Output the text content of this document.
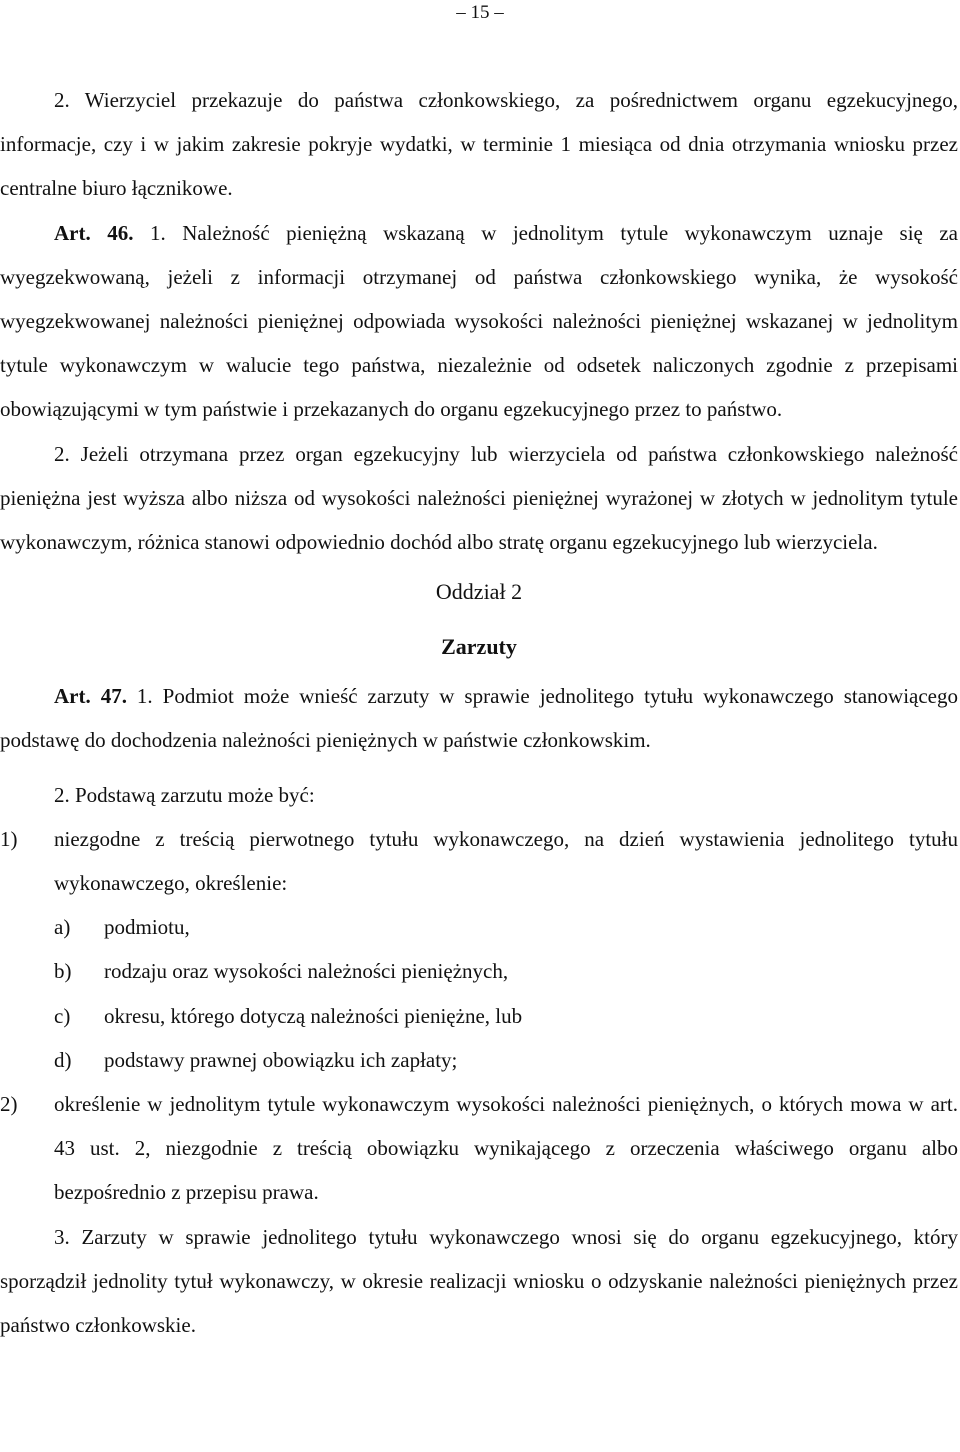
– 15 –

2. Wierzyciel przekazuje do państwa członkowskiego, za pośrednictwem organu egzekucyjnego, informacje, czy i w jakim zakresie pokryje wydatki, w terminie 1 miesiąca od dnia otrzymania wniosku przez centralne biuro łącznikowe.

Art. 46. 1. Należność pieniężną wskazaną w jednolitym tytule wykonawczym uznaje się za wyegzekwowaną, jeżeli z informacji otrzymanej od państwa członkowskiego wynika, że wysokość wyegzekwowanej należności pieniężnej odpowiada wysokości należności pieniężnej wskazanej w jednolitym tytule wykonawczym w walucie tego państwa, niezależnie od odsetek naliczonych zgodnie z przepisami obowiązującymi w tym państwie i przekazanych do organu egzekucyjnego przez to państwo.

2. Jeżeli otrzymana przez organ egzekucyjny lub wierzyciela od państwa członkowskiego należność pieniężna jest wyższa albo niższa od wysokości należności pieniężnej wyrażonej w złotych w jednolitym tytule wykonawczym, różnica stanowi odpowiednio dochód albo stratę organu egzekucyjnego lub wierzyciela.

Oddział 2

Zarzuty

Art. 47. 1. Podmiot może wnieść zarzuty w sprawie jednolitego tytułu wykonawczego stanowiącego podstawę do dochodzenia należności pieniężnych w państwie członkowskim.

2. Podstawą zarzutu może być:

1) niezgodne z treścią pierwotnego tytułu wykonawczego, na dzień wystawienia jednolitego tytułu wykonawczego, określenie:

a) podmiotu,

b) rodzaju oraz wysokości należności pieniężnych,

c) okresu, którego dotyczą należności pieniężne, lub

d) podstawy prawnej obowiązku ich zapłaty;

2) określenie w jednolitym tytule wykonawczym wysokości należności pieniężnych, o których mowa w art. 43 ust. 2, niezgodnie z treścią obowiązku wynikającego z orzeczenia właściwego organu albo bezpośrednio z przepisu prawa.

3. Zarzuty w sprawie jednolitego tytułu wykonawczego wnosi się do organu egzekucyjnego, który sporządził jednolity tytuł wykonawczy, w okresie realizacji wniosku o odzyskanie należności pieniężnych przez państwo członkowskie.
